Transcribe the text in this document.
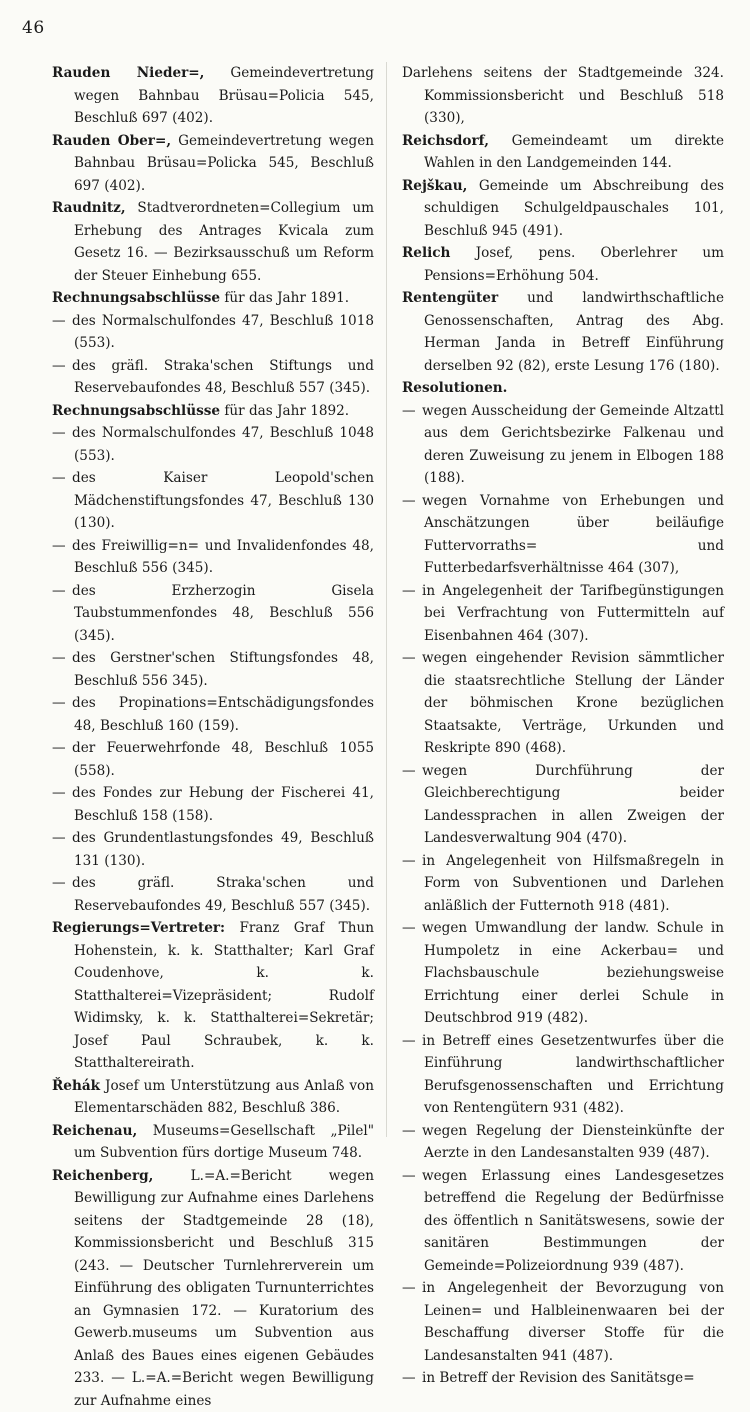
46

Rauden Nieder=, Gemeindevertretung wegen Bahnbau Brüsau=Policia 545, Beschluß 697 (402).

Rauden Ober=, Gemeindevertretung wegen Bahnbau Brüsau=Policka 545, Beschluß 697 (402).

Raudnitz, Stadtverordneten=Collegium um Erhebung des Antrages Kvicala zum Gesetz 16. — Bezirksausschuß um Reform der Steuer Einhebung 655.

Rechnungsabschlüsse für das Jahr 1891.

— des Normalschulfondes 47, Beschluß 1018 (553).

— des gräfl. Straka'schen Stiftungs und Reservebaufondes 48, Beschluß 557 (345).

Rechnungsabschlüsse für das Jahr 1892.

— des Normalschulfondes 47, Beschluß 1048 (553).

— des Kaiser Leopold'schen Mädchenstiftungsfondes 47, Beschluß 130 (130).

— des Freiwillig=n= und Invalidenfondes 48, Beschluß 556 (345).

— des Erzherzogin Gisela Taubstummenfondes 48, Beschluß 556 (345).

— des Gerstner'schen Stiftungsfondes 48, Beschluß 556 345).

— des Propinations=Entschädigungsfondes 48, Beschluß 160 (159).

— der Feuerwehrfonde 48, Beschluß 1055 (558).

— des Fondes zur Hebung der Fischerei 41, Beschluß 158 (158).

— des Grundentlastungsfondes 49, Beschluß 131 (130).

— des gräfl. Straka'schen und Reservebaufondes 49, Beschluß 557 (345).

Regierungs=Vertreter: Franz Graf Thun Hohenstein, k. k. Statthalter; Karl Graf Coudenhove, k. k. Statthalterei=Vizepräsident; Rudolf Widimsky, k. k. Statthalterei=Sekretär; Josef Paul Schraubek, k. k. Statthaltereirath.

Řehák Josef um Unterstützung aus Anlaß von Elementarschäden 882, Beschluß 386.

Reichenau, Museums=Gesellschaft „Pilel" um Subvention fürs dortige Museum 748.

Reichenberg, L.=A.=Bericht wegen Bewilligung zur Aufnahme eines Darlehens seitens der Stadtgemeinde 28 (18), Kommissionsbericht und Beschluß 315 (243. — Deutscher Turnlehrerverein um Einführung des obligaten Turnunterrichtes an Gymnasien 172. — Kuratorium des Gewerb.museums um Subvention aus Anlaß des Baues eines eigenen Gebäudes 233. — L.=A.=Bericht wegen Bewilligung zur Aufnahme eines

Darlehens seitens der Stadtgemeinde 324. Kommissionsbericht und Beschluß 518 (330),

Reichsdorf, Gemeindeamt um direkte Wahlen in den Landgemeinden 144.

Rejškau, Gemeinde um Abschreibung des schuldigen Schulgeldpauschales 101, Beschluß 945 (491).

Relich Josef, pens. Oberlehrer um Pensions=Erhöhung 504.

Rentengüter und landwirthschaftliche Genossenschaften, Antrag des Abg. Herman Janda in Betreff Einführung derselben 92 (82), erste Lesung 176 (180).

Resolutionen.

— wegen Ausscheidung der Gemeinde Altzattl aus dem Gerichtsbezirke Falkenau und deren Zuweisung zu jenem in Elbogen 188 (188).

— wegen Vornahme von Erhebungen und Anschätzungen über beiläufige Futtervorraths= und Futterbedarfsverhältnisse 464 (307),

— in Angelegenheit der Tarifbegünstigungen bei Verfrachtung von Futtermitteln auf Eisenbahnen 464 (307).

— wegen eingehender Revision sämmtlicher die staatsrechtliche Stellung der Länder der böhmischen Krone bezüglichen Staatsakte, Verträge, Urkunden und Reskripte 890 (468).

— wegen Durchführung der Gleichberechtigung beider Landessprachen in allen Zweigen der Landesverwaltung 904 (470).

— in Angelegenheit von Hilfsmaßregeln in Form von Subventionen und Darlehen anläßlich der Futternoth 918 (481).

— wegen Umwandlung der landw. Schule in Humpoletz in eine Ackerbau= und Flachsbauschule beziehungsweise Errichtung einer derlei Schule in Deutschbrod 919 (482).

— in Betreff eines Gesetzentwurfes über die Einführung landwirthschaftlicher Berufsgenossenschaften und Errichtung von Rentengütern 931 (482).

— wegen Regelung der Diensteinkünfte der Aerzte in den Landesanstalten 939 (487).

— wegen Erlassung eines Landesgesetzes betreffend die Regelung der Bedürfnisse des öffentlich n Sanitätswesens, sowie der sanitären Bestimmungen der Gemeinde=Polizeiordnung 939 (487).

— in Angelegenheit der Bevorzugung von Leinen= und Halbleinenwaaren bei der Beschaffung diverser Stoffe für die Landesanstalten 941 (487).

— in Betreff der Revision des Sanitätsge=
